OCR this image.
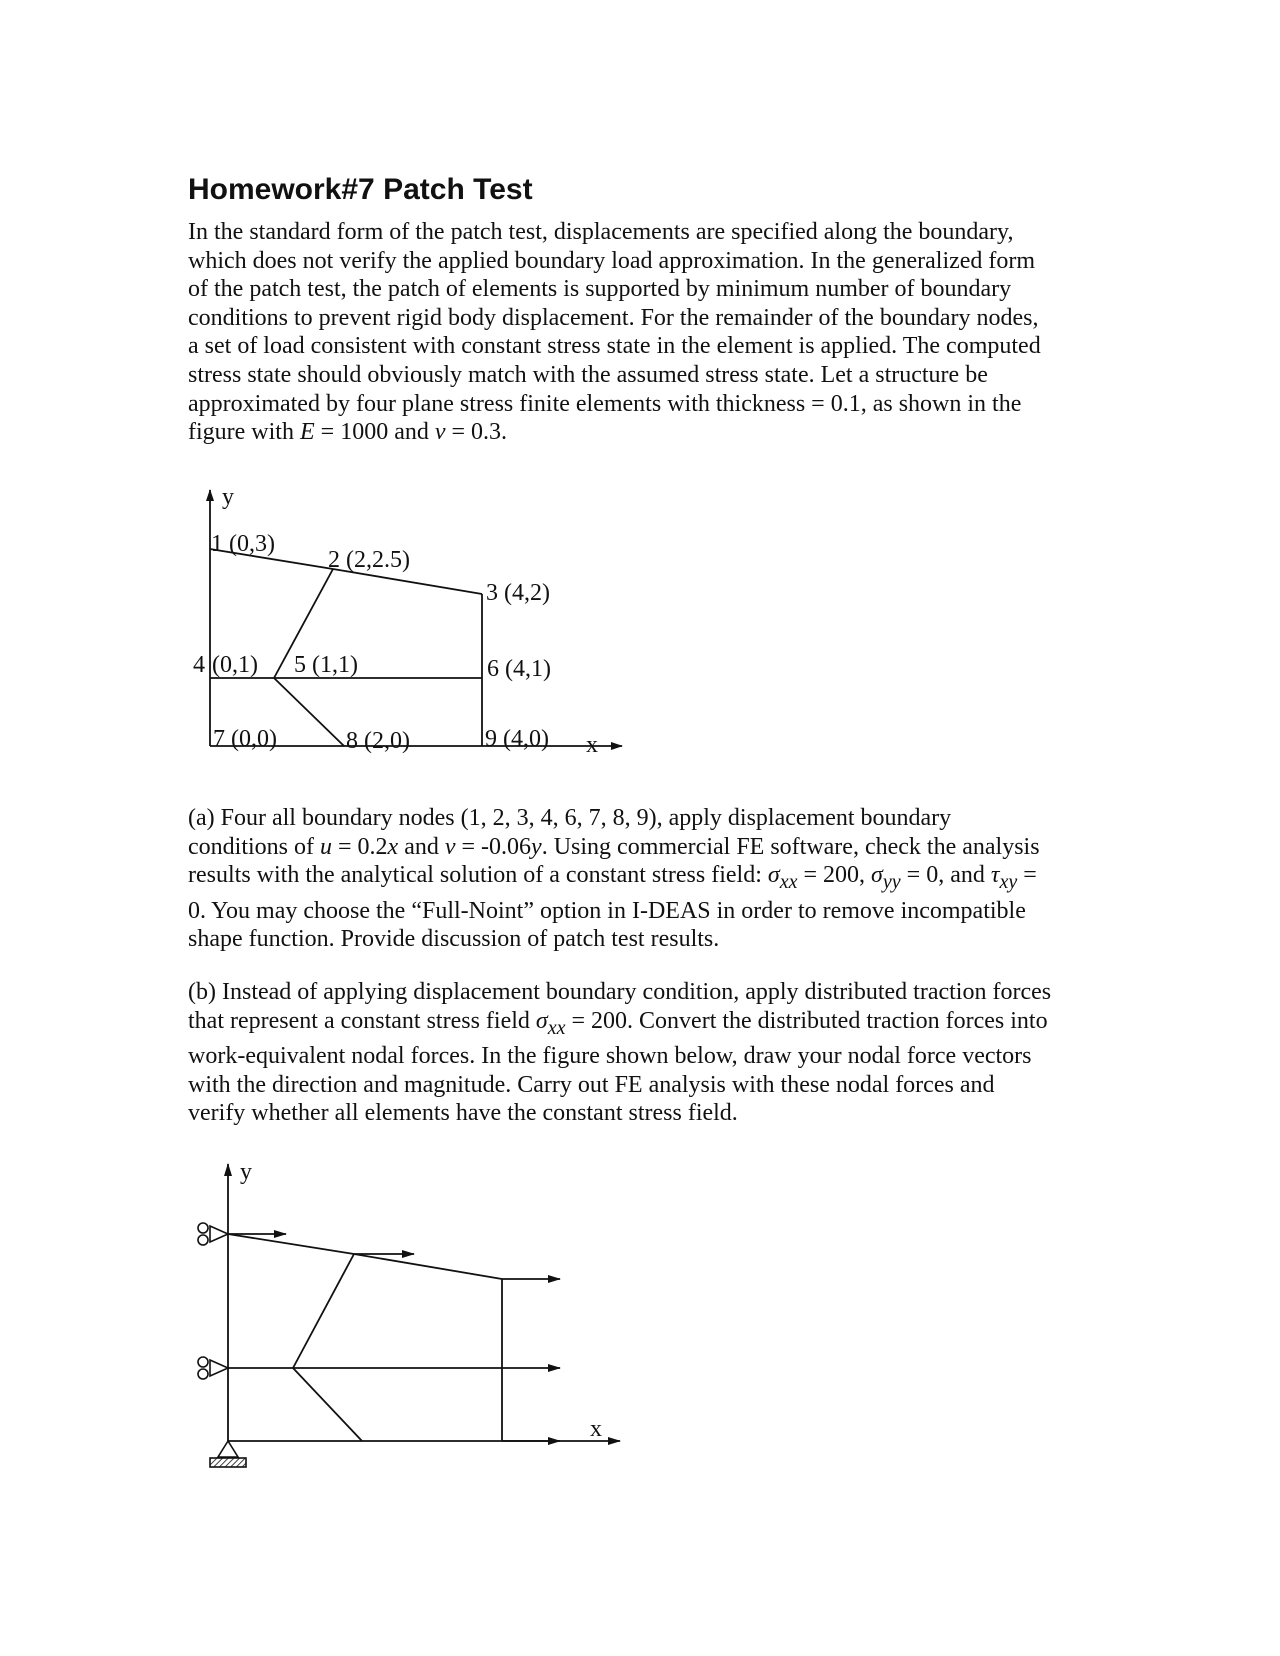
Homework#7 Patch Test
In the standard form of the patch test, displacements are specified along the boundary,
which does not verify the applied boundary load approximation. In the generalized form
of the patch test, the patch of elements is supported by minimum number of boundary
conditions to prevent rigid body displacement. For the remainder of the boundary nodes,
a set of load consistent with constant stress state in the element is applied. The computed
stress state should obviously match with the assumed stress state. Let a structure be
approximated by four plane stress finite elements with thickness = 0.1, as shown in the
figure with E = 1000 and ν = 0.3.
y
x
1 (0,3)
2 (2,2.5)
3 (4,2)
4 (0,1) 5 (1,1)	6 (4,1)
7 (0,0)	8 (2,0)	9 (4,0)
(a) Four all boundary nodes (1, 2, 3, 4, 6, 7, 8, 9), apply displacement boundary
conditions of u = 0.2x and v = -0.06y. Using commercial FE software, check the analysis
results with the analytical solution of a constant stress field: $\sigma_{xx} = 200$, $\sigma_{yy} = 0$, and $\tau_{xy}$ =
0. You may choose the “Full-Noint” option in I-DEAS in order to remove incompatible
shape function. Provide discussion of patch test results.
(b) Instead of applying displacement boundary condition, apply distributed traction forces
that represent a constant stress field $\sigma_{xx} = 200$. Convert the distributed traction forces into
work-equivalent nodal forces. In the figure shown below, draw your nodal force vectors
with the direction and magnitude. Carry out FE analysis with these nodal forces and
verify whether all elements have the constant stress field.
y
x
